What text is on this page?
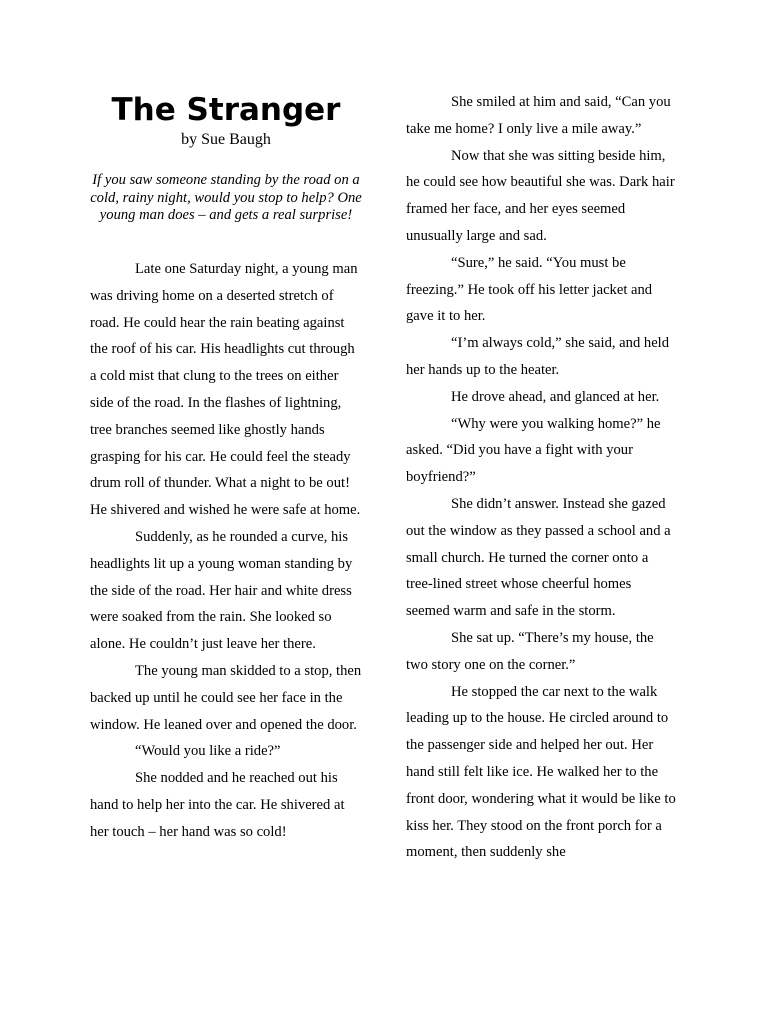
The Stranger

by Sue Baugh

If you saw someone standing by the road on a cold, rainy night, would you stop to help? One young man does – and gets a real surprise!

Late one Saturday night, a young man was driving home on a deserted stretch of road. He could hear the rain beating against the roof of his car. His headlights cut through a cold mist that clung to the trees on either side of the road. In the flashes of lightning, tree branches seemed like ghostly hands grasping for his car. He could feel the steady drum roll of thunder. What a night to be out! He shivered and wished he were safe at home.

Suddenly, as he rounded a curve, his headlights lit up a young woman standing by the side of the road. Her hair and white dress were soaked from the rain. She looked so alone. He couldn’t just leave her there.

The young man skidded to a stop, then backed up until he could see her face in the window. He leaned over and opened the door.

“Would you like a ride?”

She nodded and he reached out his hand to help her into the car. He shivered at her touch – her hand was so cold!

She smiled at him and said, “Can you take me home? I only live a mile away.”

Now that she was sitting beside him, he could see how beautiful she was. Dark hair framed her face, and her eyes seemed unusually large and sad.

“Sure,” he said. “You must be freezing.” He took off his letter jacket and gave it to her.

“I’m always cold,” she said, and held her hands up to the heater.

He drove ahead, and glanced at her.

“Why were you walking home?” he asked. “Did you have a fight with your boyfriend?”

She didn’t answer. Instead she gazed out the window as they passed a school and a small church. He turned the corner onto a tree-lined street whose cheerful homes seemed warm and safe in the storm.

She sat up. “There’s my house, the two story one on the corner.”

He stopped the car next to the walk leading up to the house. He circled around to the passenger side and helped her out. Her hand still felt like ice. He walked her to the front door, wondering what it would be like to kiss her. They stood on the front porch for a moment, then suddenly she
